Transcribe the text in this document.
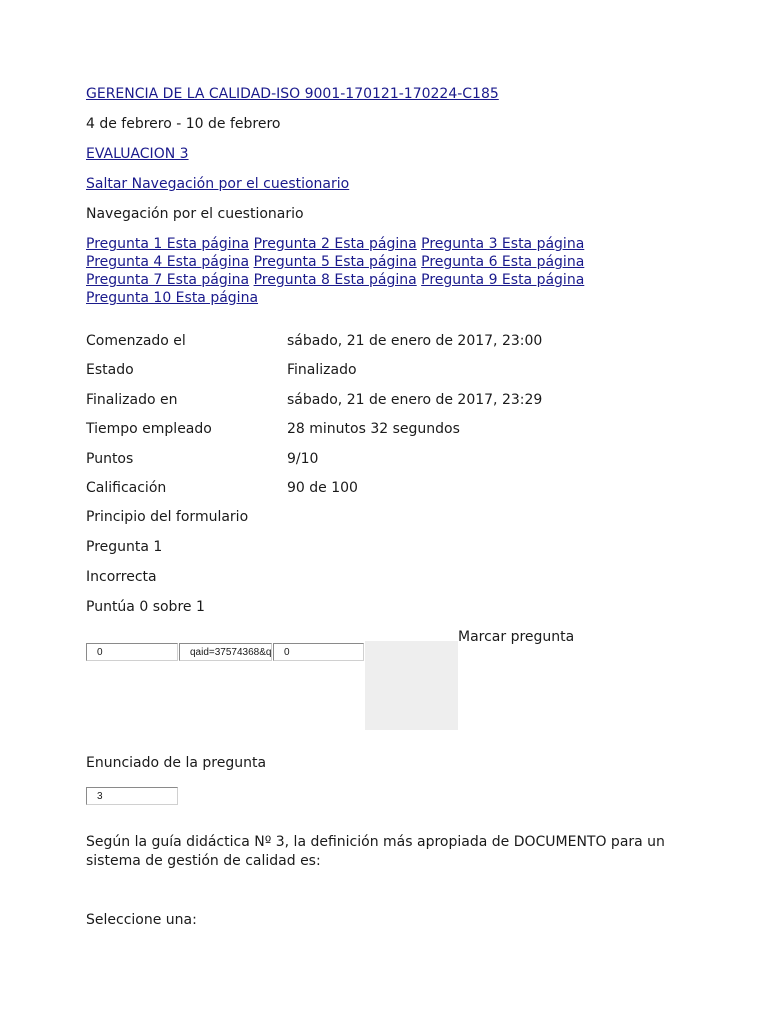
GERENCIA DE LA CALIDAD-ISO 9001-170121-170224-C185
4 de febrero - 10 de febrero
EVALUACION 3
Saltar Navegación por el cuestionario
Navegación por el cuestionario
Pregunta 1 Esta página Pregunta 2 Esta página Pregunta 3 Esta página Pregunta 4 Esta página Pregunta 5 Esta página Pregunta 6 Esta página Pregunta 7 Esta página Pregunta 8 Esta página Pregunta 9 Esta página Pregunta 10 Esta página
Comenzado el	sábado, 21 de enero de 2017, 23:00
Estado	Finalizado
Finalizado en	sábado, 21 de enero de 2017, 23:29
Tiempo empleado	28 minutos 32 segundos
Puntos	9/10
Calificación	90 de 100
Principio del formulario
Pregunta 1
Incorrecta
Puntúa 0 sobre 1
0	qaid=37574368&q	0
Marcar pregunta
Enunciado de la pregunta
3
Según la guía didáctica Nº 3, la definición más apropiada de DOCUMENTO para un
sistema de gestión de calidad es:
Seleccione una:
